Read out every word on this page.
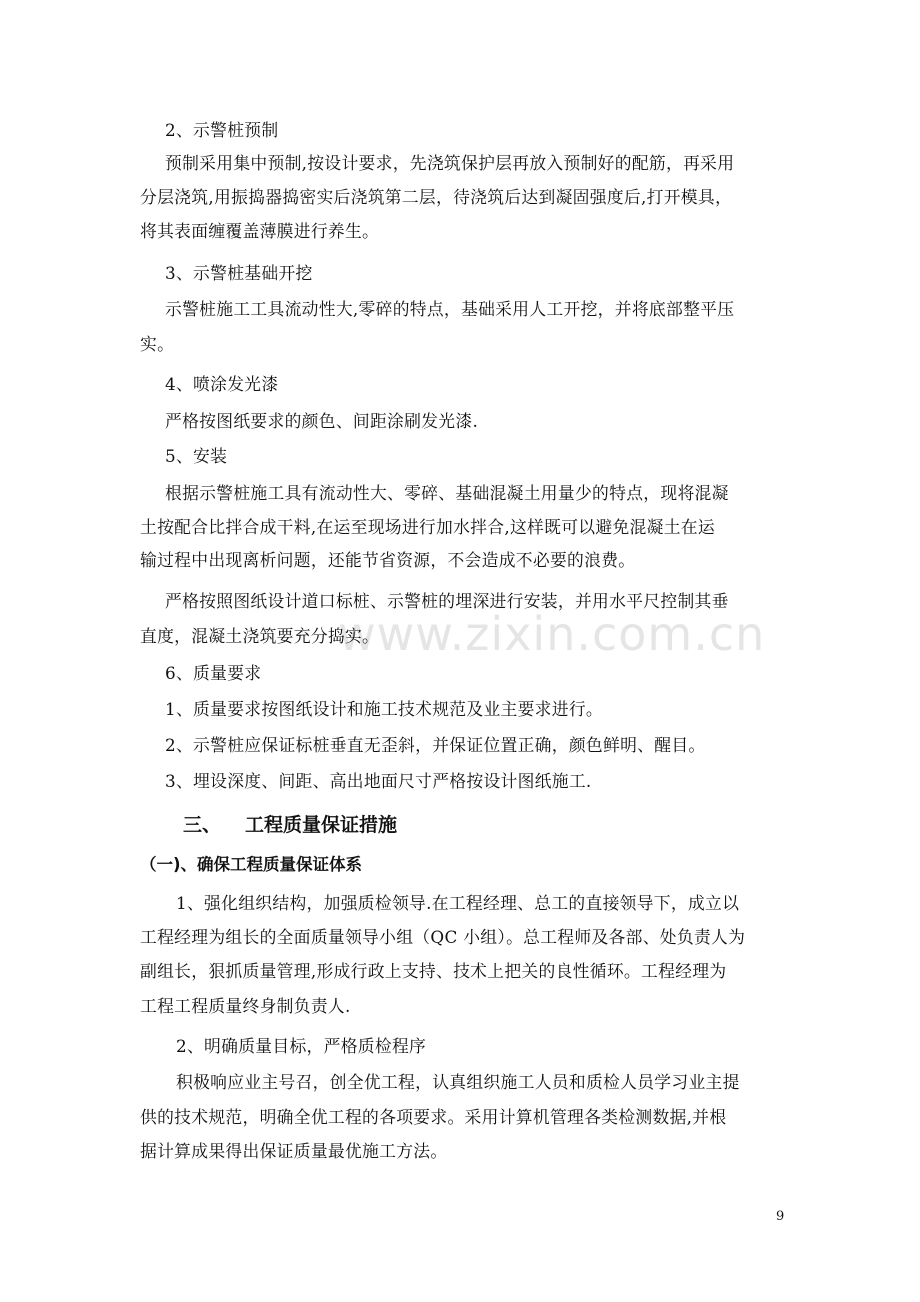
www.zixin.com.cn
2、示警桩预制
预制采用集中预制,按设计要求，先浇筑保护层再放入预制好的配筋，再采用
分层浇筑,用振捣器捣密实后浇筑第二层，待浇筑后达到凝固强度后,打开模具，
将其表面缠覆盖薄膜进行养生。
3、示警桩基础开挖
示警桩施工工具流动性大,零碎的特点，基础采用人工开挖，并将底部整平压
实。
4、喷涂发光漆
严格按图纸要求的颜色、间距涂刷发光漆.
5、安装
根据示警桩施工具有流动性大、零碎、基础混凝土用量少的特点，现将混凝
土按配合比拌合成干料,在运至现场进行加水拌合,这样既可以避免混凝土在运
输过程中出现离析问题，还能节省资源，不会造成不必要的浪费。
严格按照图纸设计道口标桩、示警桩的埋深进行安装，并用水平尺控制其垂
直度，混凝土浇筑要充分捣实。
6、质量要求
1、质量要求按图纸设计和施工技术规范及业主要求进行。
2、示警桩应保证标桩垂直无歪斜，并保证位置正确，颜色鲜明、醒目。
3、埋设深度、间距、高出地面尺寸严格按设计图纸施工.
三、 工程质量保证措施
（一)、确保工程质量保证体系
1、强化组织结构，加强质检领导.在工程经理、总工的直接领导下，成立以
工程经理为组长的全面质量领导小组（QC 小组）。总工程师及各部、处负责人为
副组长，狠抓质量管理,形成行政上支持、技术上把关的良性循环。工程经理为
工程工程质量终身制负责人.
2、明确质量目标，严格质检程序
积极响应业主号召，创全优工程，认真组织施工人员和质检人员学习业主提
供的技术规范，明确全优工程的各项要求。采用计算机管理各类检测数据,并根
据计算成果得出保证质量最优施工方法。
9
